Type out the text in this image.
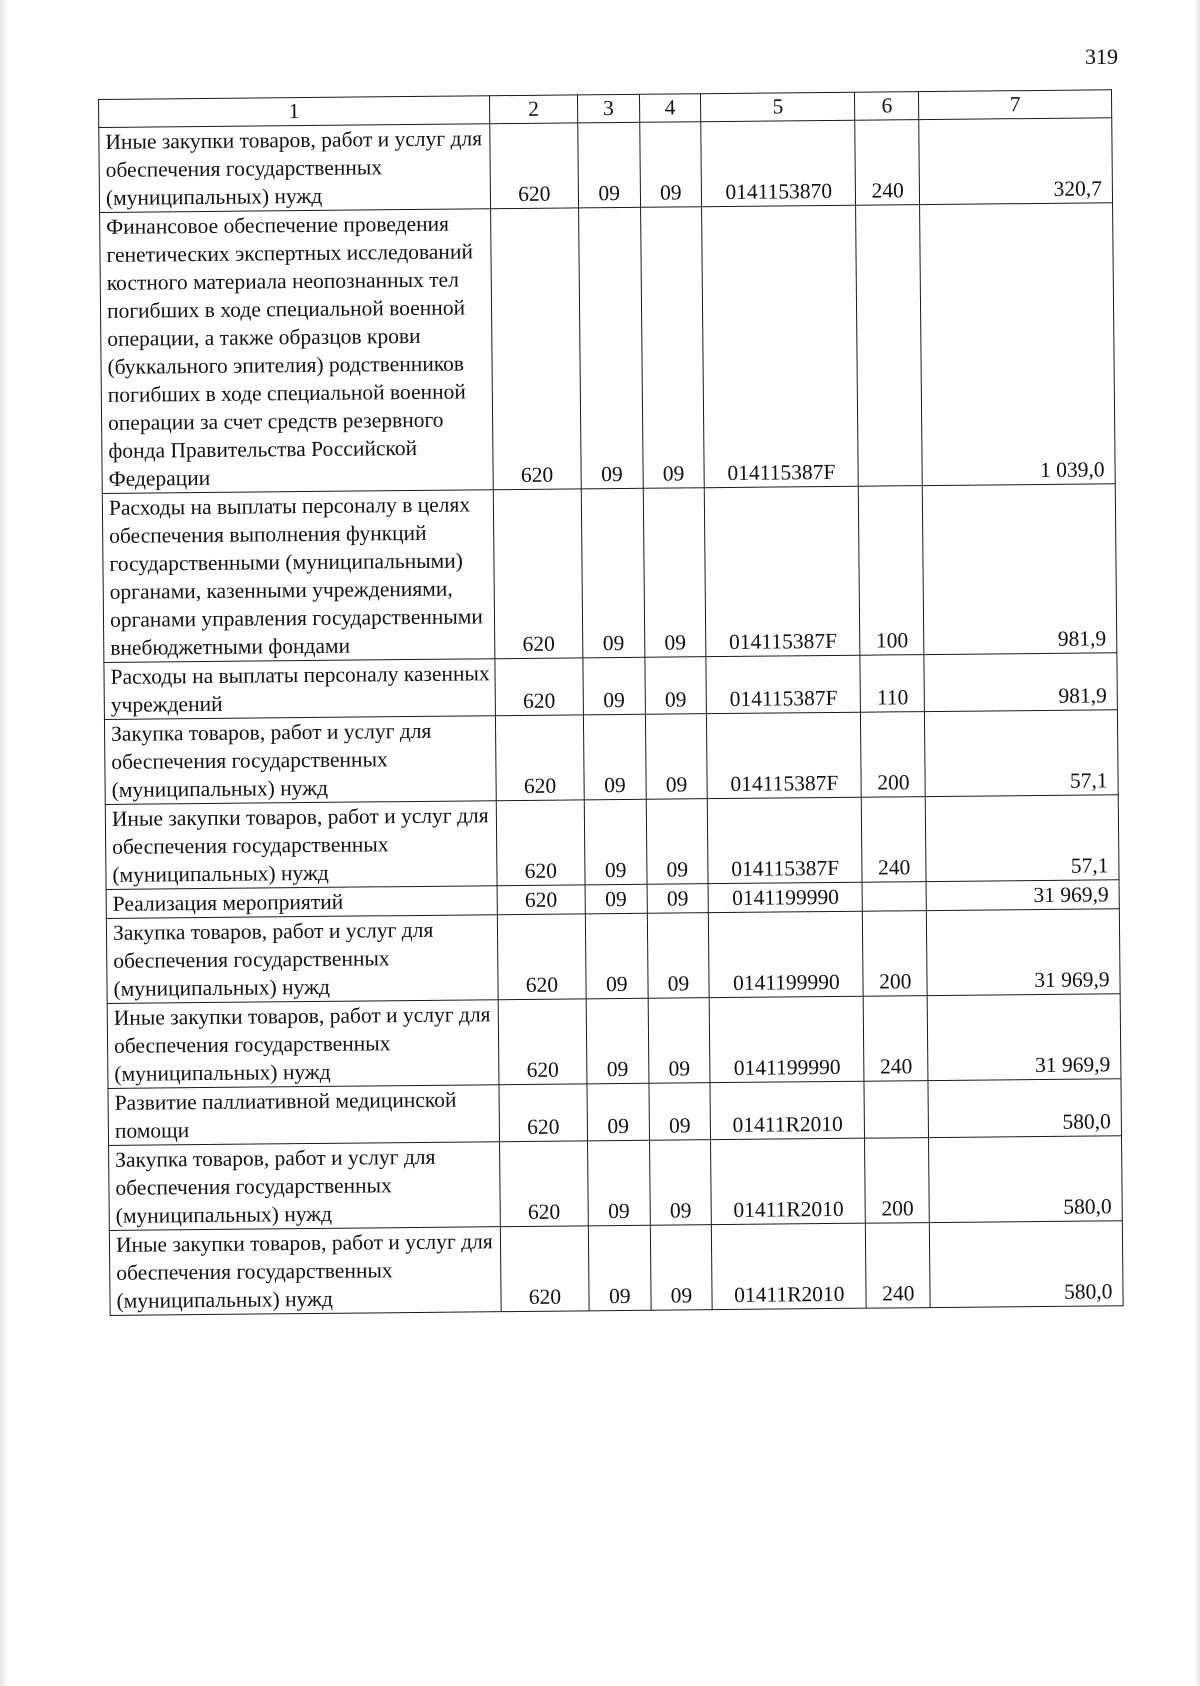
319
1	2	3	4	5	6	7
Иные закупки товаров, работ и услуг для обеспечения государственных (муниципальных) нужд	620	09	09	0141153870	240	320,7
Финансовое обеспечение проведения генетических экспертных исследований костного материала неопознанных тел погибших в ходе специальной военной операции, а также образцов крови (буккального эпителия) родственников погибших в ходе специальной военной операции за счет средств резервного фонда Правительства Российской Федерации	620	09	09	014115387F		1 039,0
Расходы на выплаты персоналу в целях обеспечения выполнения функций государственными (муниципальными) органами, казенными учреждениями, органами управления государственными внебюджетными фондами	620	09	09	014115387F	100	981,9
Расходы на выплаты персоналу казенных учреждений	620	09	09	014115387F	110	981,9
Закупка товаров, работ и услуг для обеспечения государственных (муниципальных) нужд	620	09	09	014115387F	200	57,1
Иные закупки товаров, работ и услуг для обеспечения государственных (муниципальных) нужд	620	09	09	014115387F	240	57,1
Реализация мероприятий	620	09	09	0141199990		31 969,9
Закупка товаров, работ и услуг для обеспечения государственных (муниципальных) нужд	620	09	09	0141199990	200	31 969,9
Иные закупки товаров, работ и услуг для обеспечения государственных (муниципальных) нужд	620	09	09	0141199990	240	31 969,9
Развитие паллиативной медицинской помощи	620	09	09	01411R2010		580,0
Закупка товаров, работ и услуг для обеспечения государственных (муниципальных) нужд	620	09	09	01411R2010	200	580,0
Иные закупки товаров, работ и услуг для обеспечения государственных (муниципальных) нужд	620	09	09	01411R2010	240	580,0
